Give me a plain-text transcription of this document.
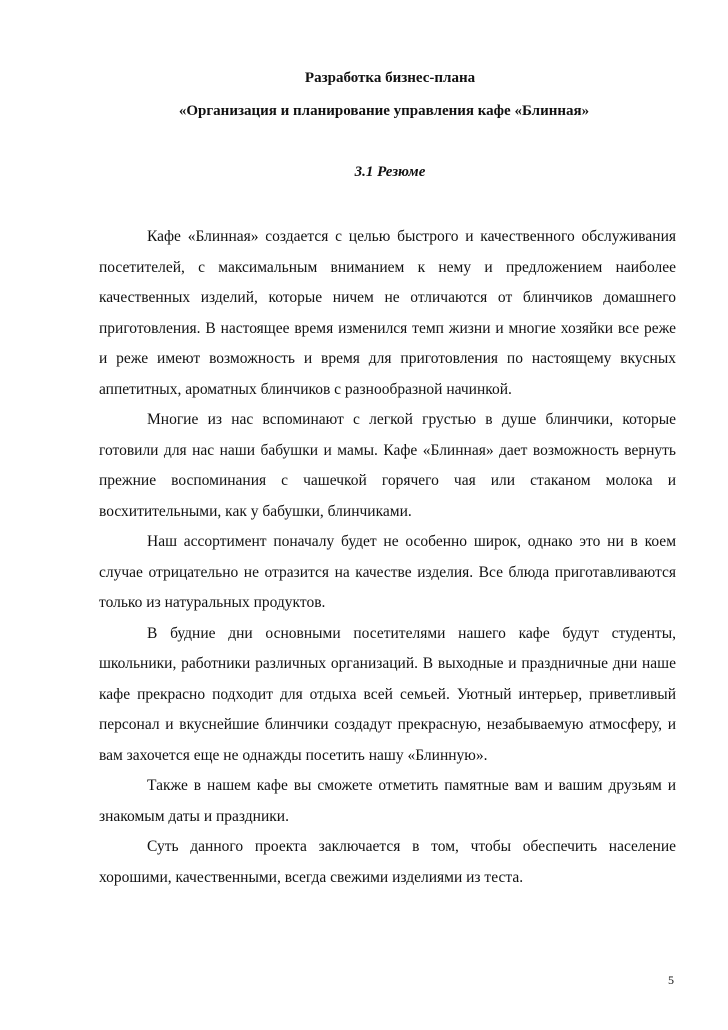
Разработка бизнес-плана
«Организация и планирование управления кафе «Блинная»
3.1 Резюме

Кафе «Блинная» создается с целью быстрого и качественного обслуживания посетителей, с максимальным вниманием к нему и предложением наиболее качественных изделий, которые ничем не отличаются от блинчиков домашнего приготовления. В настоящее время изменился темп жизни и многие хозяйки все реже и реже имеют возможность и время для приготовления по настоящему вкусных аппетитных, ароматных блинчиков с разнообразной начинкой.

Многие из нас вспоминают с легкой грустью в душе блинчики, которые готовили для нас наши бабушки и мамы. Кафе «Блинная» дает возможность вернуть прежние воспоминания с чашечкой горячего чая или стаканом молока и восхитительными, как у бабушки, блинчиками.

Наш ассортимент поначалу будет не особенно широк, однако это ни в коем случае отрицательно не отразится на качестве изделия. Все блюда приготавливаются только из натуральных продуктов.

В будние дни основными посетителями нашего кафе будут студенты, школьники, работники различных организаций. В выходные и праздничные дни наше кафе прекрасно подходит для отдыха всей семьей. Уютный интерьер, приветливый персонал и вкуснейшие блинчики создадут прекрасную, незабываемую атмосферу, и вам захочется еще не однажды посетить нашу «Блинную».

Также в нашем кафе вы сможете отметить памятные вам и вашим друзьям и знакомым даты и праздники.

Суть данного проекта заключается в том, чтобы обеспечить население хорошими, качественными, всегда свежими изделиями из теста.

5
